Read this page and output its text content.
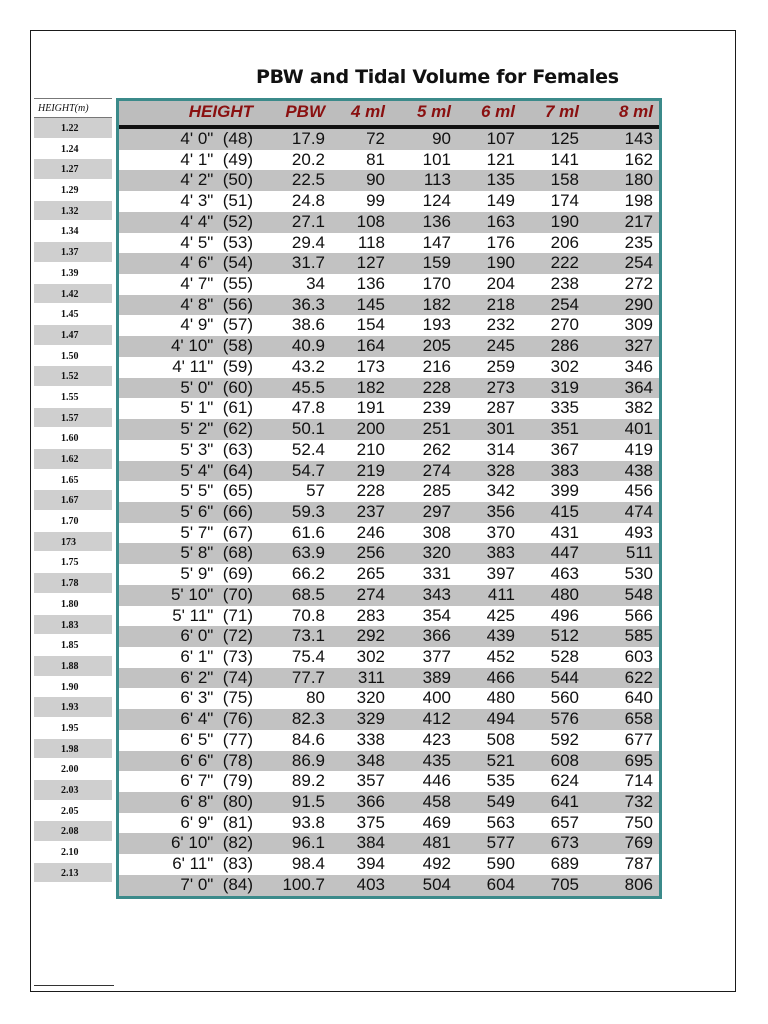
PBW and Tidal Volume for Females
HEIGHT(m)
1.22
1.24
1.27
1.29
1.32
1.34
1.37
1.39
1.42
1.45
1.47
1.50
1.52
1.55
1.57
1.60
1.62
1.65
1.67
1.70
173
1.75
1.78
1.80
1.83
1.85
1.88
1.90
1.93
1.95
1.98
2.00
2.03
2.05
2.08
2.10
2.13
HEIGHT	PBW	4 ml	5 ml	6 ml	7 ml	8 ml
4' 0"  (48)	17.9	72	90	107	125	143
4' 1"  (49)	20.2	81	101	121	141	162
4' 2"  (50)	22.5	90	113	135	158	180
4' 3"  (51)	24.8	99	124	149	174	198
4' 4"  (52)	27.1	108	136	163	190	217
4' 5"  (53)	29.4	118	147	176	206	235
4' 6"  (54)	31.7	127	159	190	222	254
4' 7"  (55)	34	136	170	204	238	272
4' 8"  (56)	36.3	145	182	218	254	290
4' 9"  (57)	38.6	154	193	232	270	309
4' 10"  (58)	40.9	164	205	245	286	327
4' 11"  (59)	43.2	173	216	259	302	346
5' 0"  (60)	45.5	182	228	273	319	364
5' 1"  (61)	47.8	191	239	287	335	382
5' 2"  (62)	50.1	200	251	301	351	401
5' 3"  (63)	52.4	210	262	314	367	419
5' 4"  (64)	54.7	219	274	328	383	438
5' 5"  (65)	57	228	285	342	399	456
5' 6"  (66)	59.3	237	297	356	415	474
5' 7"  (67)	61.6	246	308	370	431	493
5' 8"  (68)	63.9	256	320	383	447	511
5' 9"  (69)	66.2	265	331	397	463	530
5' 10"  (70)	68.5	274	343	411	480	548
5' 11"  (71)	70.8	283	354	425	496	566
6' 0"  (72)	73.1	292	366	439	512	585
6' 1"  (73)	75.4	302	377	452	528	603
6' 2"  (74)	77.7	311	389	466	544	622
6' 3"  (75)	80	320	400	480	560	640
6' 4"  (76)	82.3	329	412	494	576	658
6' 5"  (77)	84.6	338	423	508	592	677
6' 6"  (78)	86.9	348	435	521	608	695
6' 7"  (79)	89.2	357	446	535	624	714
6' 8"  (80)	91.5	366	458	549	641	732
6' 9"  (81)	93.8	375	469	563	657	750
6' 10"  (82)	96.1	384	481	577	673	769
6' 11"  (83)	98.4	394	492	590	689	787
7' 0"  (84)	100.7	403	504	604	705	806
